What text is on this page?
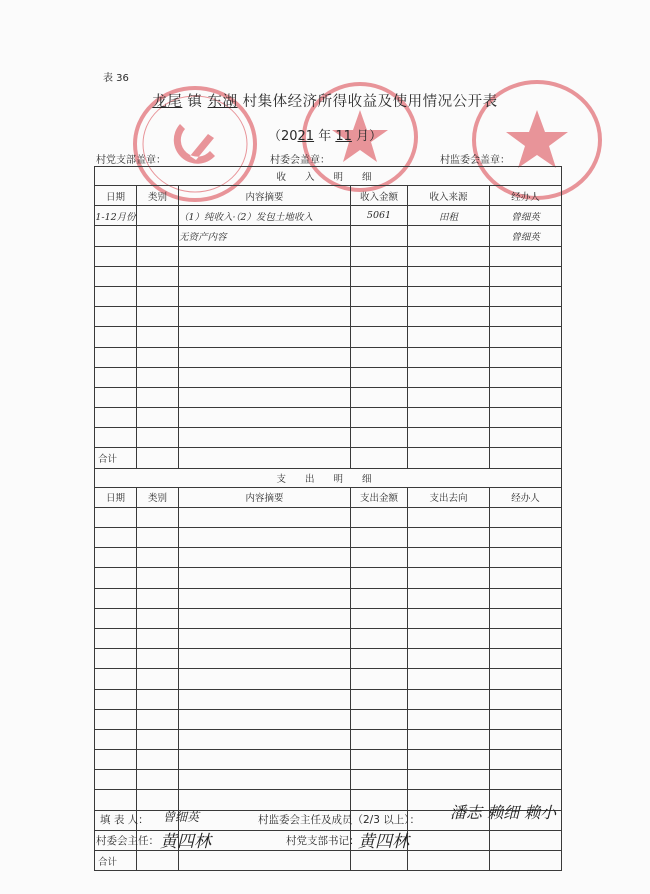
表 36
龙尾 镇 东湖 村集体经济所得收益及使用情况公开表
（2021 年 11 月）
村党支部盖章：	村委会盖章：	村监委会盖章：
收 入 明 细					
日期	类别	内容摘要	收入金额	收入来源	经办人
1-12月份		（1）纯收入·（2）发包土地收入	5061	田租	曾细英
		无资产内容			曾细英

合计					
支 出 明 细					
日期	类别	内容摘要	支出金额	支出去向	经办人

合计					
填 表 人： 曾细英	村监委会主任及成员（2/3 以上）： 潘志 赖细 赖小
村委会主任： 黄四林	村党支部书记：
黄四林
